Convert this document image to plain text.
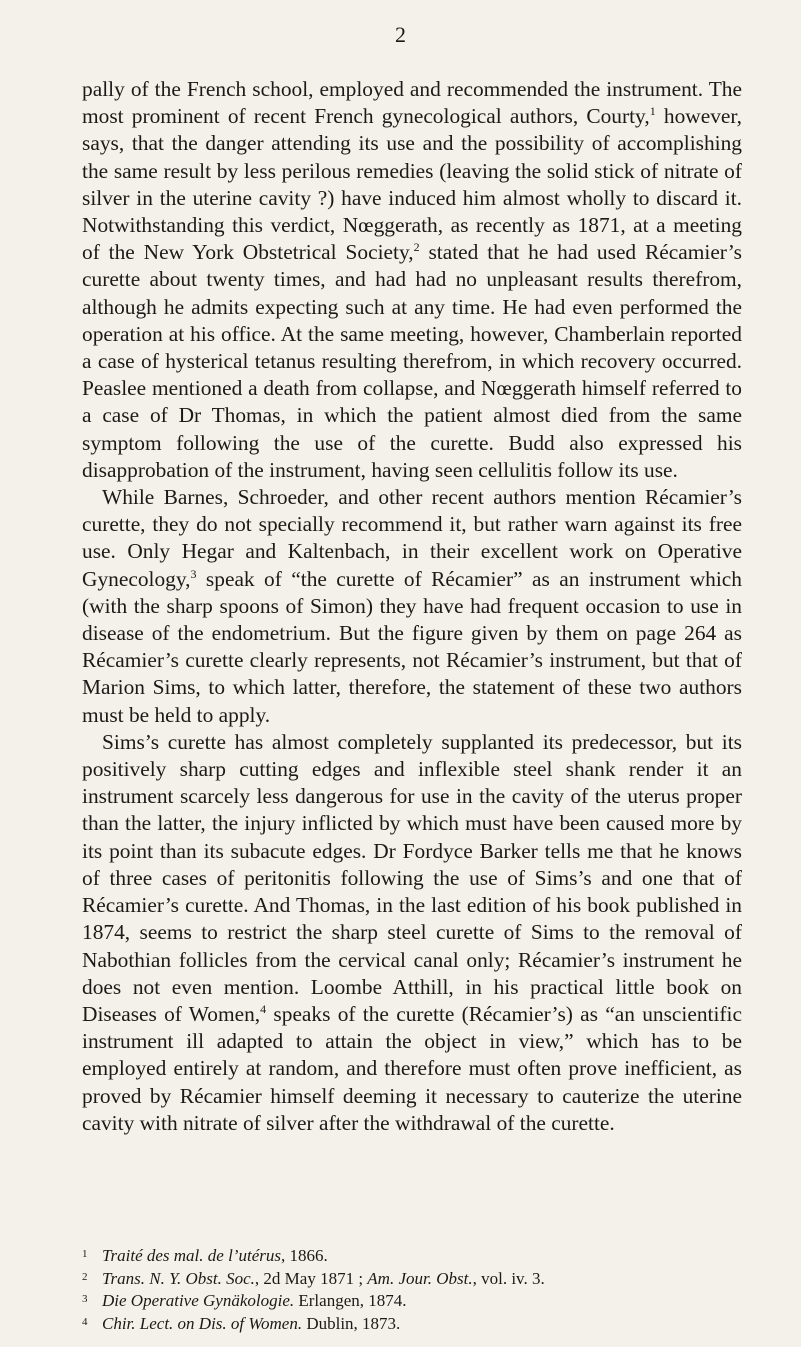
2

pally of the French school, employed and recommended the instrument. The most prominent of recent French gynecological authors, Courty,$^1$ however, says, that the danger attending its use and the possibility of accomplishing the same result by less perilous remedies (leaving the solid stick of nitrate of silver in the uterine cavity ?) have induced him almost wholly to discard it. Notwithstanding this verdict, Nœggerath, as recently as 1871, at a meeting of the New York Obstetrical Society,$^2$ stated that he had used Récamier’s curette about twenty times, and had had no unpleasant results therefrom, although he admits expecting such at any time. He had even performed the operation at his office. At the same meeting, however, Chamberlain reported a case of hysterical tetanus resulting therefrom, in which recovery occurred. Peaslee mentioned a death from collapse, and Nœggerath himself referred to a case of Dr Thomas, in which the patient almost died from the same symptom following the use of the curette. Budd also expressed his disapprobation of the instrument, having seen cellulitis follow its use.

While Barnes, Schroeder, and other recent authors mention Récamier’s curette, they do not specially recommend it, but rather warn against its free use. Only Hegar and Kaltenbach, in their excellent work on Operative Gynecology,$^3$ speak of “the curette of Récamier” as an instrument which (with the sharp spoons of Simon) they have had frequent occasion to use in disease of the endometrium. But the figure given by them on page 264 as Récamier’s curette clearly represents, not Récamier’s instrument, but that of Marion Sims, to which latter, therefore, the statement of these two authors must be held to apply.

Sims’s curette has almost completely supplanted its predecessor, but its positively sharp cutting edges and inflexible steel shank render it an instrument scarcely less dangerous for use in the cavity of the uterus proper than the latter, the injury inflicted by which must have been caused more by its point than its subacute edges. Dr Fordyce Barker tells me that he knows of three cases of peritonitis following the use of Sims’s and one that of Récamier’s curette. And Thomas, in the last edition of his book published in 1874, seems to restrict the sharp steel curette of Sims to the removal of Nabothian follicles from the cervical canal only; Récamier’s instrument he does not even mention. Loombe Atthill, in his practical little book on Diseases of Women,$^4$ speaks of the curette (Récamier’s) as “an unscientific instrument ill adapted to attain the object in view,” which has to be employed entirely at random, and therefore must often prove inefficient, as proved by Récamier himself deeming it necessary to cauterize the uterine cavity with nitrate of silver after the withdrawal of the curette.

1 Traité des mal. de l’utérus, 1866.

2 Trans. N. Y. Obst. Soc., 2d May 1871 ; Am. Jour. Obst., vol. iv. 3.

3 Die Operative Gynäkologie. Erlangen, 1874.

4 Chir. Lect. on Dis. of Women. Dublin, 1873.
